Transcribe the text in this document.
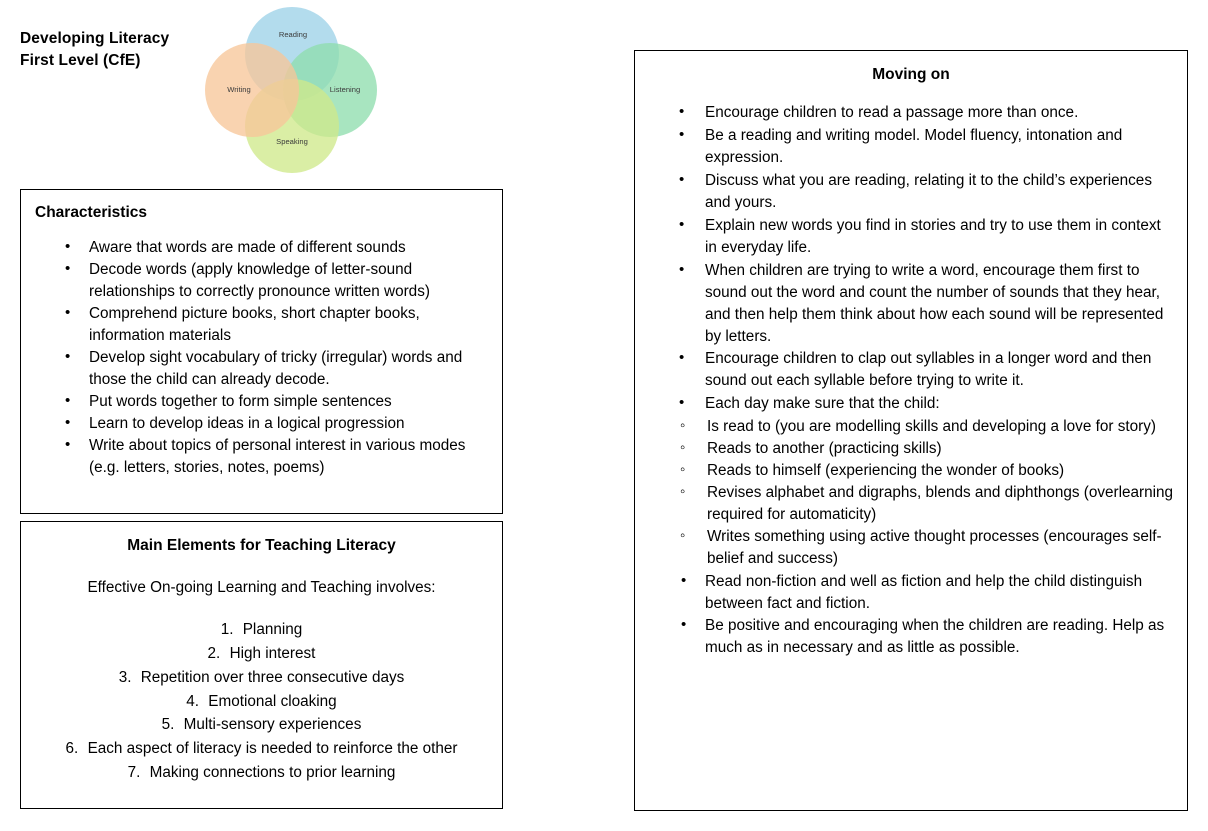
Developing Literacy
First Level (CfE)
Reading
Listening
Speaking
Writing
Characteristics
• Aware that words are made of different sounds
• Decode words (apply knowledge of letter-sound relationships to correctly pronounce written words)
• Comprehend picture books, short chapter books, information materials
• Develop sight vocabulary of tricky (irregular) words and those the child can already decode.
• Put words together to form simple sentences
• Learn to develop ideas in a logical progression
• Write about topics of personal interest in various modes (e.g. letters, stories, notes, poems)
Main Elements for Teaching Literacy
Effective On-going Learning and Teaching involves:
1. Planning
2. High interest
3. Repetition over three consecutive days
4. Emotional cloaking
5. Multi-sensory experiences
6. Each aspect of literacy is needed to reinforce the other
7. Making connections to prior learning
Moving on
• Encourage children to read a passage more than once.
• Be a reading and writing model. Model fluency, intonation and expression.
• Discuss what you are reading, relating it to the child’s experiences and yours.
• Explain new words you find in stories and try to use them in context in everyday life.
• When children are trying to write a word, encourage them first to sound out the word and count the number of sounds that they hear, and then help them think about how each sound will be represented by letters.
• Encourage children to clap out syllables in a longer word and then sound out each syllable before trying to write it.
• Each day make sure that the child:
◦ Is read to (you are modelling skills and developing a love for story)
◦ Reads to another (practicing skills)
◦ Reads to himself (experiencing the wonder of books)
◦ Revises alphabet and digraphs, blends and diphthongs (overlearning required for automaticity)
◦ Writes something using active thought processes (encourages self-belief and success)
• Read non-fiction and well as fiction and help the child distinguish between fact and fiction.
• Be positive and encouraging when the children are reading. Help as much as in necessary and as little as possible.
